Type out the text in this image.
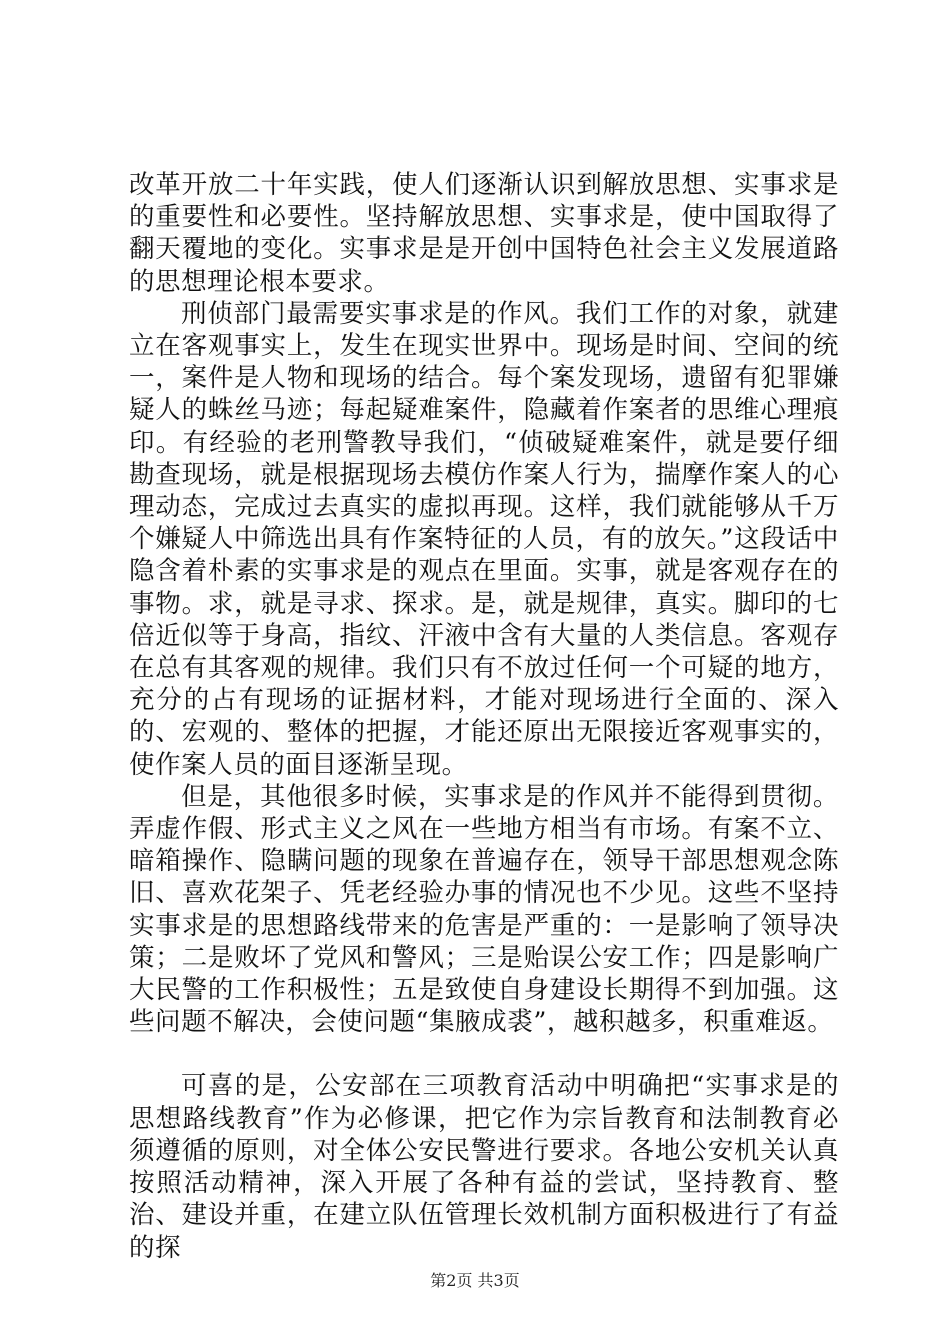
改革开放二十年实践，使人们逐渐认识到解放思想、实事求是的重要性和必要性。坚持解放思想、实事求是，使中国取得了翻天覆地的变化。实事求是是开创中国特色社会主义发展道路的思想理论根本要求。

刑侦部门最需要实事求是的作风。我们工作的对象，就建立在客观事实上，发生在现实世界中。现场是时间、空间的统一，案件是人物和现场的结合。每个案发现场，遗留有犯罪嫌疑人的蛛丝马迹；每起疑难案件，隐藏着作案者的思维心理痕印。有经验的老刑警教导我们，“侦破疑难案件，就是要仔细勘查现场，就是根据现场去模仿作案人行为，揣摩作案人的心理动态，完成过去真实的虚拟再现。这样，我们就能够从千万个嫌疑人中筛选出具有作案特征的人员，有的放矢。”这段话中隐含着朴素的实事求是的观点在里面。实事，就是客观存在的事物。求，就是寻求、探求。是，就是规律，真实。脚印的七倍近似等于身高，指纹、汗液中含有大量的人类信息。客观存在总有其客观的规律。我们只有不放过任何一个可疑的地方，充分的占有现场的证据材料，才能对现场进行全面的、深入的、宏观的、整体的把握，才能还原出无限接近客观事实的，使作案人员的面目逐渐呈现。

但是，其他很多时候，实事求是的作风并不能得到贯彻。弄虚作假、形式主义之风在一些地方相当有市场。有案不立、暗箱操作、隐瞒问题的现象在普遍存在，领导干部思想观念陈旧、喜欢花架子、凭老经验办事的情况也不少见。这些不坚持实事求是的思想路线带来的危害是严重的：一是影响了领导决策；二是败坏了党风和警风；三是贻误公安工作；四是影响广大民警的工作积极性；五是致使自身建设长期得不到加强。这些问题不解决，会使问题“集腋成裘”，越积越多，积重难返。

可喜的是，公安部在三项教育活动中明确把“实事求是的思想路线教育”作为必修课，把它作为宗旨教育和法制教育必须遵循的原则，对全体公安民警进行要求。各地公安机关认真按照活动精神，深入开展了各种有益的尝试，坚持教育、整治、建设并重，在建立队伍管理长效机制方面积极进行了有益的探

第2页 共3页
